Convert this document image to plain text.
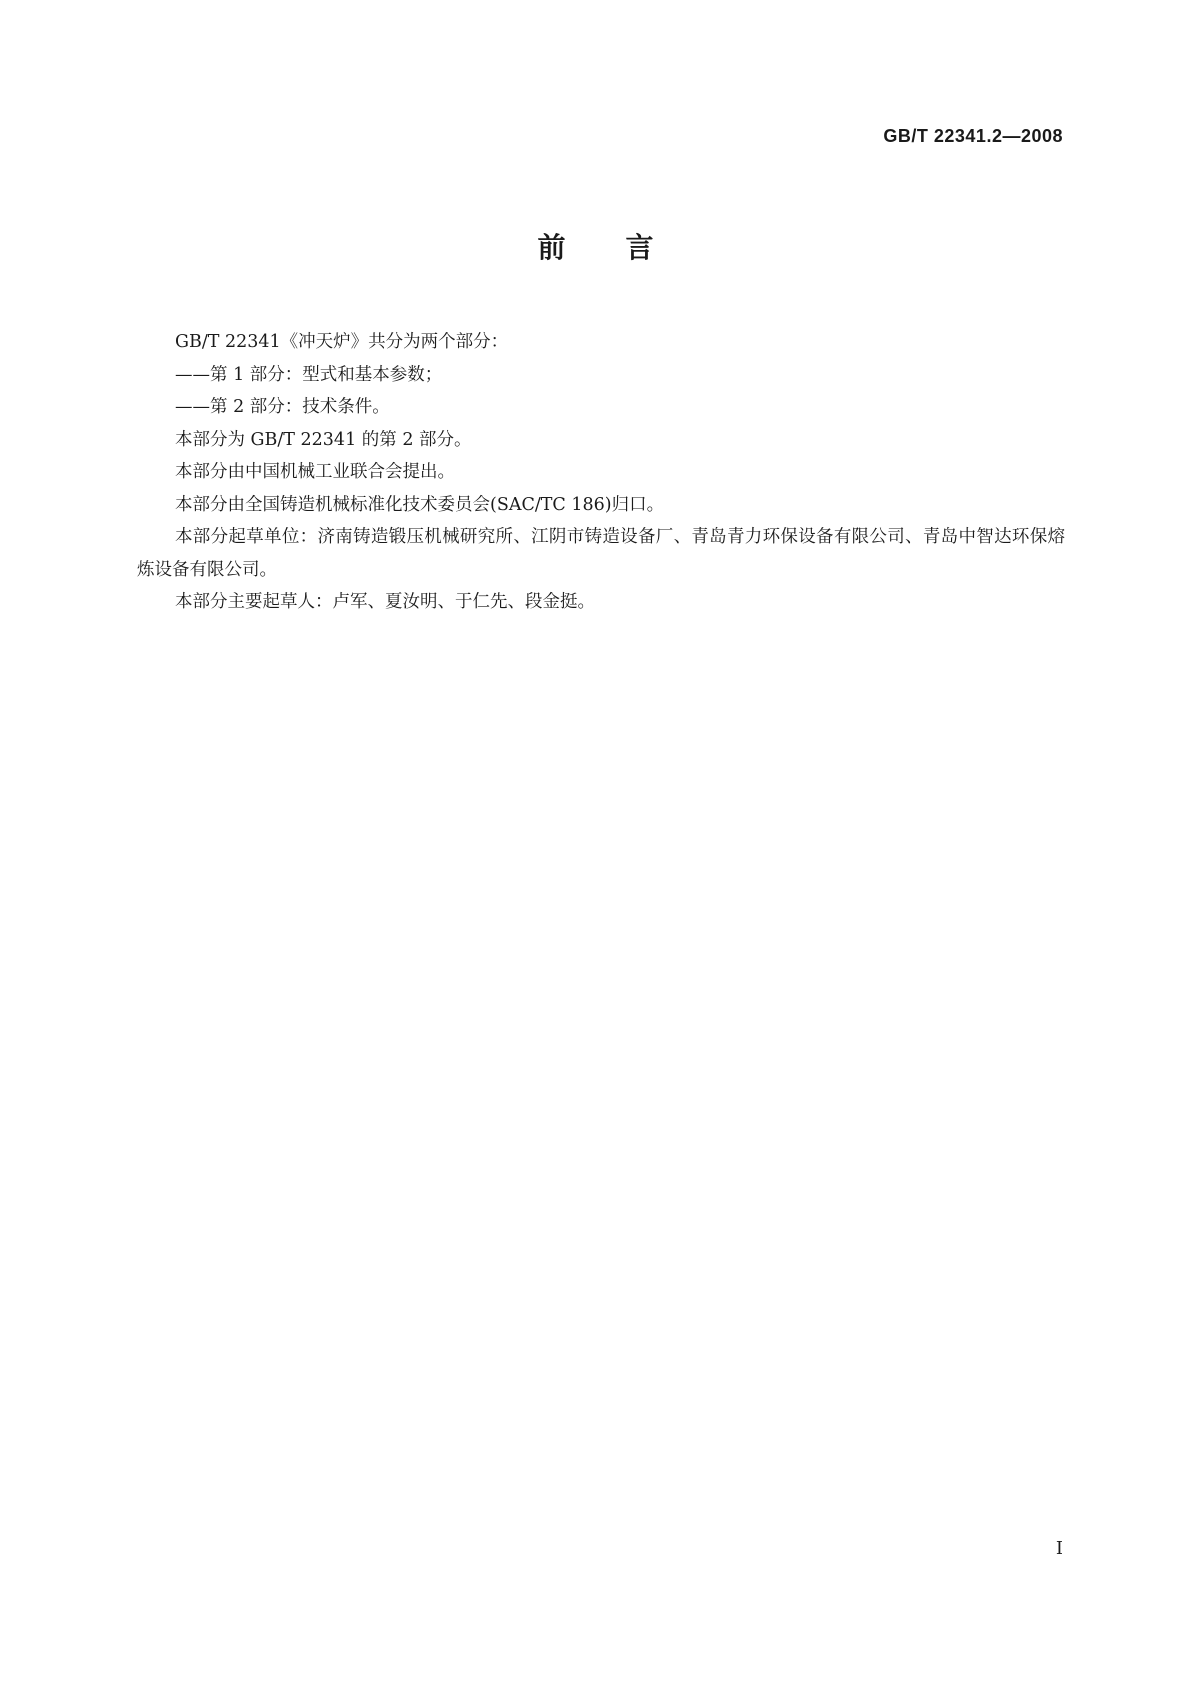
GB/T 22341.2—2008
前言

GB/T 22341《冲天炉》共分为两个部分：

——第 1 部分：型式和基本参数；

——第 2 部分：技术条件。

本部分为 GB/T 22341 的第 2 部分。

本部分由中国机械工业联合会提出。

本部分由全国铸造机械标准化技术委员会(SAC/TC 186)归口。

本部分起草单位：济南铸造锻压机械研究所、江阴市铸造设备厂、青岛青力环保设备有限公司、青岛中智达环保熔炼设备有限公司。

本部分主要起草人：卢军、夏汝明、于仁先、段金挺。

I
